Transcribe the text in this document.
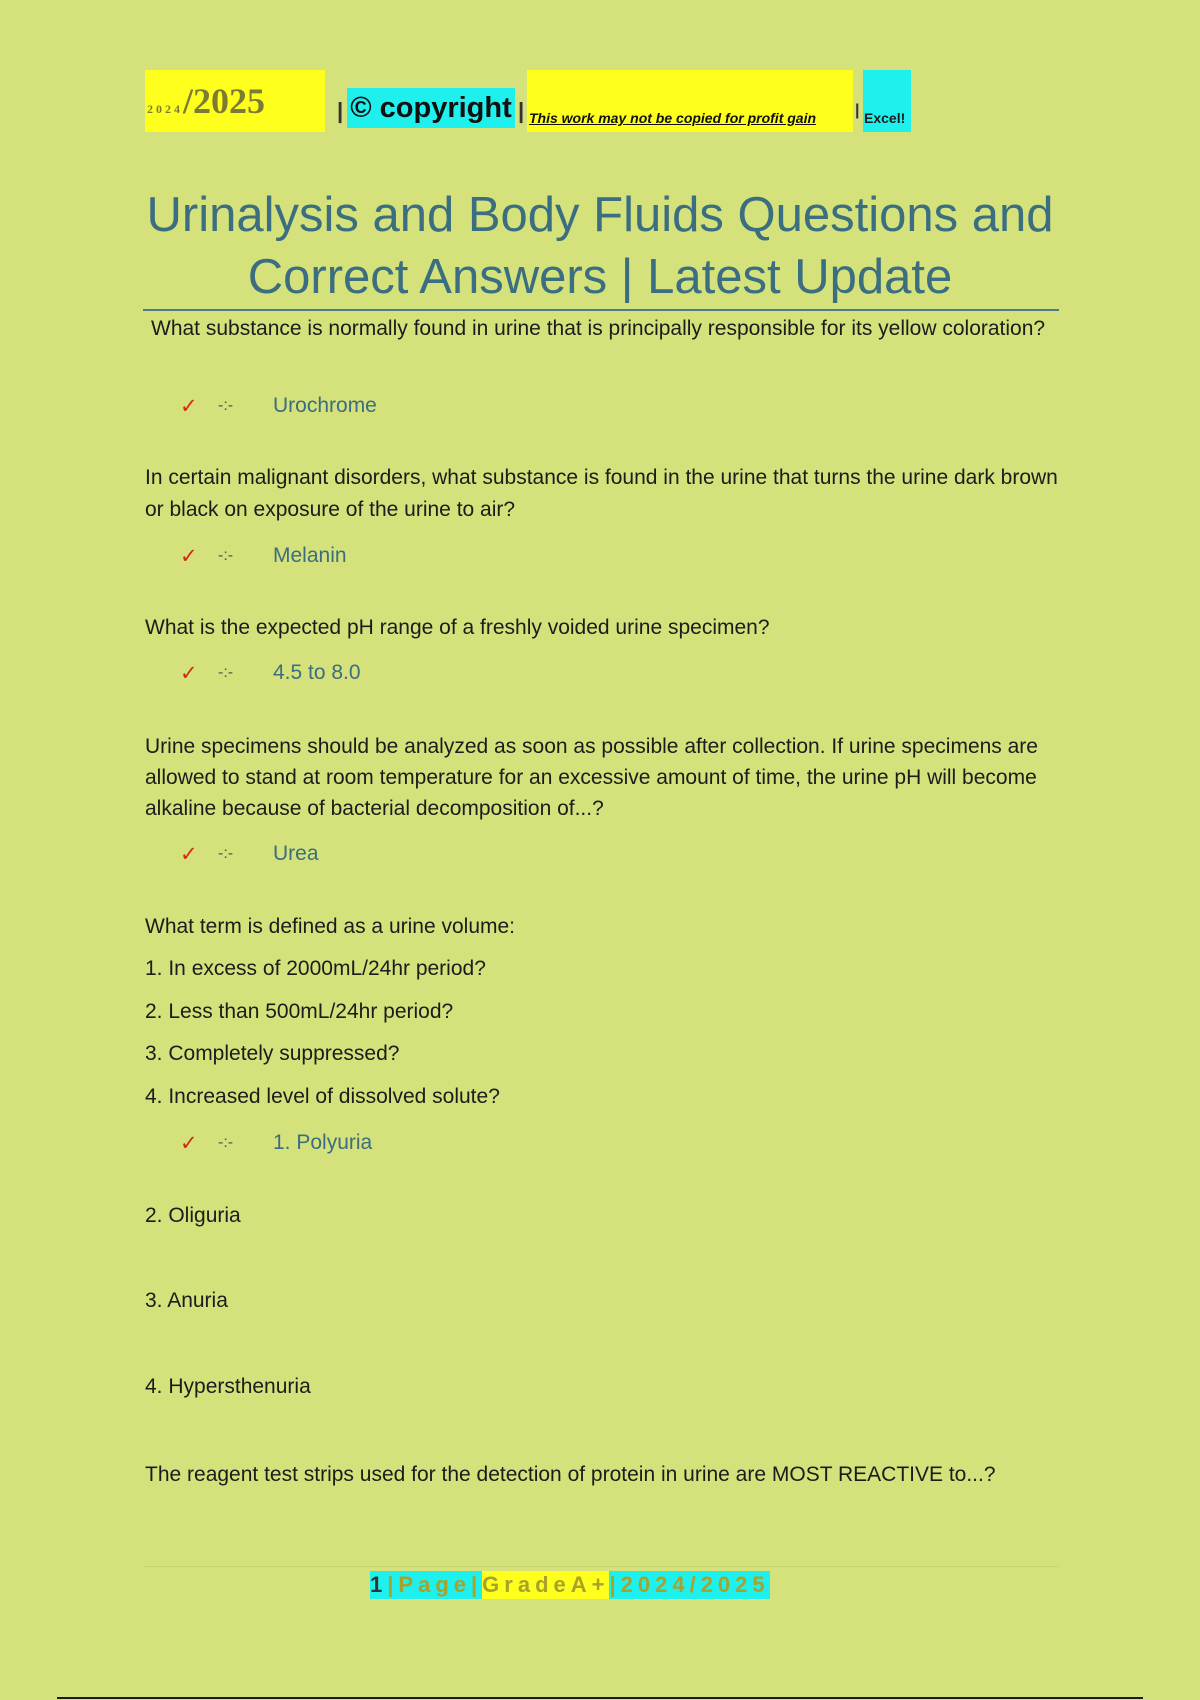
2024/2025	| © copyright | This work may not be copied for profit gain | Excel!
Urinalysis and Body Fluids Questions and Correct Answers | Latest Update
What substance is normally found in urine that is principally responsible for its yellow coloration?
✓	-:-	Urochrome
In certain malignant disorders, what substance is found in the urine that turns the urine dark brown or black on exposure of the urine to air?
✓	-:-	Melanin
What is the expected pH range of a freshly voided urine specimen?
✓	-:-	4.5 to 8.0
Urine specimens should be analyzed as soon as possible after collection. If urine specimens are allowed to stand at room temperature for an excessive amount of time, the urine pH will become alkaline because of bacterial decomposition of...?
✓	-:-	Urea
What term is defined as a urine volume:
1. In excess of 2000mL/24hr period?
2. Less than 500mL/24hr period?
3. Completely suppressed?
4. Increased level of dissolved solute?
✓	-:-	1. Polyuria
2. Oliguria
3. Anuria
4. Hypersthenuria
The reagent test strips used for the detection of protein in urine are MOST REACTIVE to...?
1|Page|GradeA+|2024/2025
